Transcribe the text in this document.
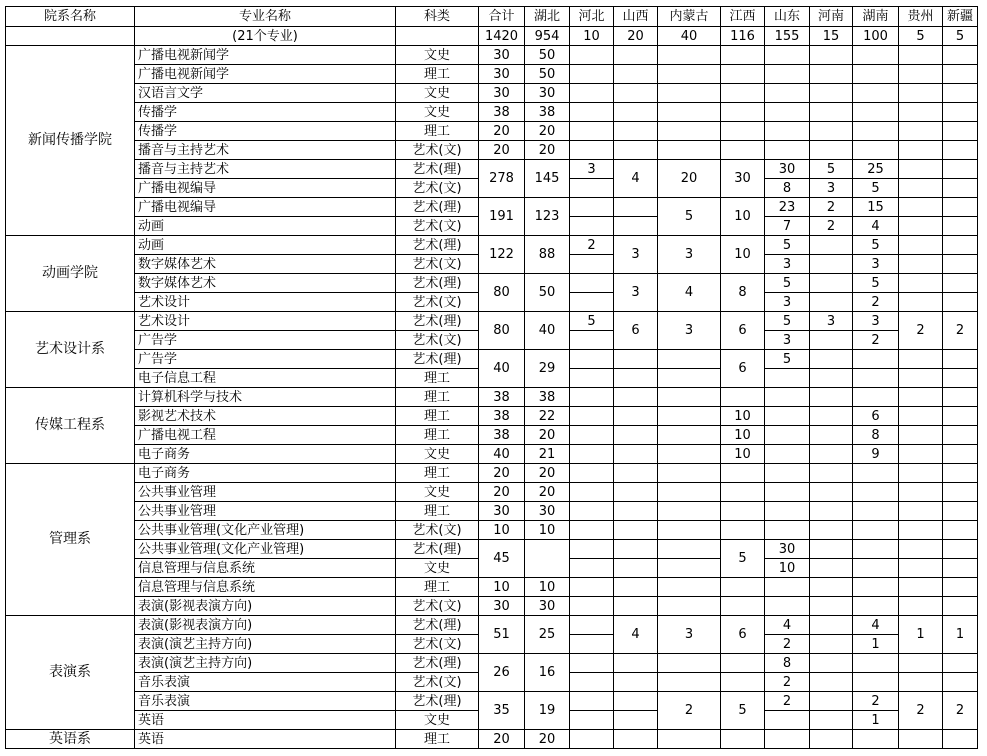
院系名称	专业名称	科类	合计	湖北	河北	山西	内蒙古	江西	山东	河南	湖南	贵州	新疆
	(21个专业)		1420	954	10	20	40	116	155	15	100	5	5
新闻传播学院	广播电视新闻学	文史	30	50									
	广播电视新闻学	理工	30	50									
	汉语言文学	文史	30	30									
	传播学	文史	38	38									
	传播学	理工	20	20									
	播音与主持艺术	艺术(文)	20	20									
	播音与主持艺术	艺术(理)	278	145	3	4	20	30	30	5	25		
	广播电视编导	艺术(文)							8	3	5		
	广播电视编导	艺术(理)	191	123			5	10	23	2	15		
	动画	艺术(文)							7	2	4		
动画学院	动画	艺术(理)	122	88	2	3	3	10	5		5		
	数字媒体艺术	艺术(文)							3		3		
	数字媒体艺术	艺术(理)	80	50		3	4	8	5		5		
	艺术设计	艺术(文)							3		2		
艺术设计系	艺术设计	艺术(理)	80	40	5	6	3	6	5	3	3	2	2
	广告学	艺术(文)							3		2		
	广告学	艺术(理)	40	29				6	5				
	电子信息工程	理工											
传媒工程系	计算机科学与技术	理工	38	38									
	影视艺术技术	理工	38	22				10			6		
	广播电视工程	理工	38	20				10			8		
	电子商务	文史	40	21				10			9		
管理系	电子商务	理工	20	20									
	公共事业管理	文史	20	20									
	公共事业管理	理工	30	30									
	公共事业管理(文化产业管理)	艺术(文)	10	10									
	公共事业管理(文化产业管理)	艺术(理)	45					5	30				
	信息管理与信息系统	文史							10				
	信息管理与信息系统	理工	10	10									
	表演(影视表演方向)	艺术(文)	30	30									
表演系	表演(影视表演方向)	艺术(理)	51	25		4	3	6	4		4	1	1
	表演(演艺主持方向)	艺术(文)							2		1		
	表演(演艺主持方向)	艺术(理)	26	16					8				
	音乐表演	艺术(文)							2				
	音乐表演	艺术(理)	35	19			2	5	2		2	2	2
	英语	文史									1		
英语系	英语	理工	20	20									
